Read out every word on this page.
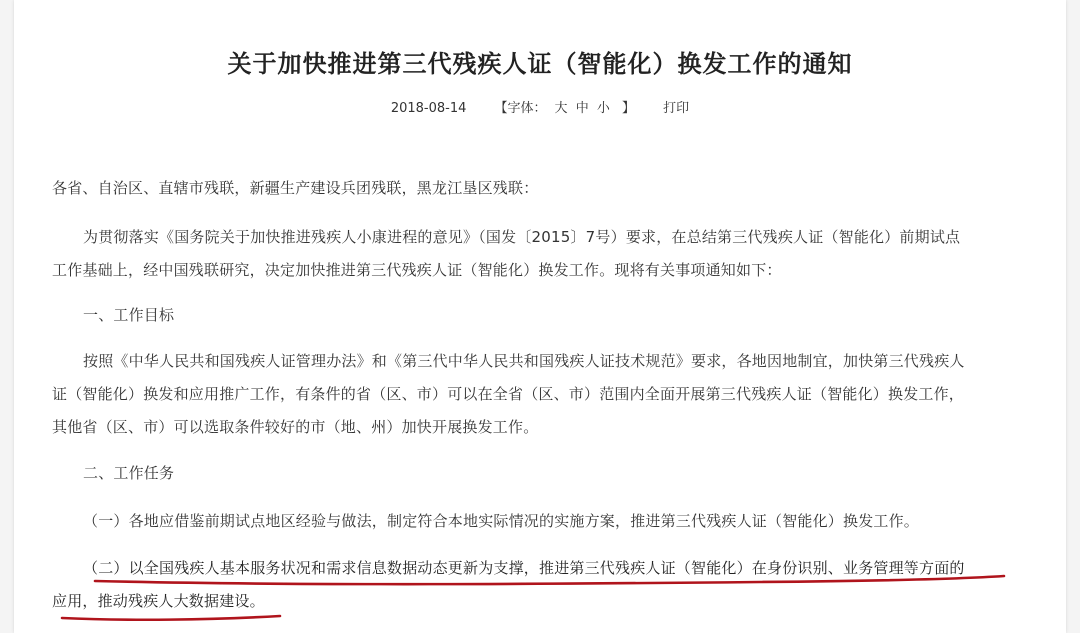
关于加快推进第三代残疾人证（智能化）换发工作的通知
2018-08-14 【字体： 大 中 小 】 打印
各省、自治区、直辖市残联，新疆生产建设兵团残联，黑龙江垦区残联：
为贯彻落实《国务院关于加快推进残疾人小康进程的意见》（国发〔2015〕7号）要求，在总结第三代残疾人证（智能化）前期试点
工作基础上，经中国残联研究，决定加快推进第三代残疾人证（智能化）换发工作。现将有关事项通知如下：
一、工作目标
按照《中华人民共和国残疾人证管理办法》和《第三代中华人民共和国残疾人证技术规范》要求，各地因地制宜，加快第三代残疾人
证（智能化）换发和应用推广工作，有条件的省（区、市）可以在全省（区、市）范围内全面开展第三代残疾人证（智能化）换发工作，
其他省（区、市）可以选取条件较好的市（地、州）加快开展换发工作。
二、工作任务
（一）各地应借鉴前期试点地区经验与做法，制定符合本地实际情况的实施方案，推进第三代残疾人证（智能化）换发工作。
（二）以全国残疾人基本服务状况和需求信息数据动态更新为支撑，推进第三代残疾人证（智能化）在身份识别、业务管理等方面的
应用，推动残疾人大数据建设。
